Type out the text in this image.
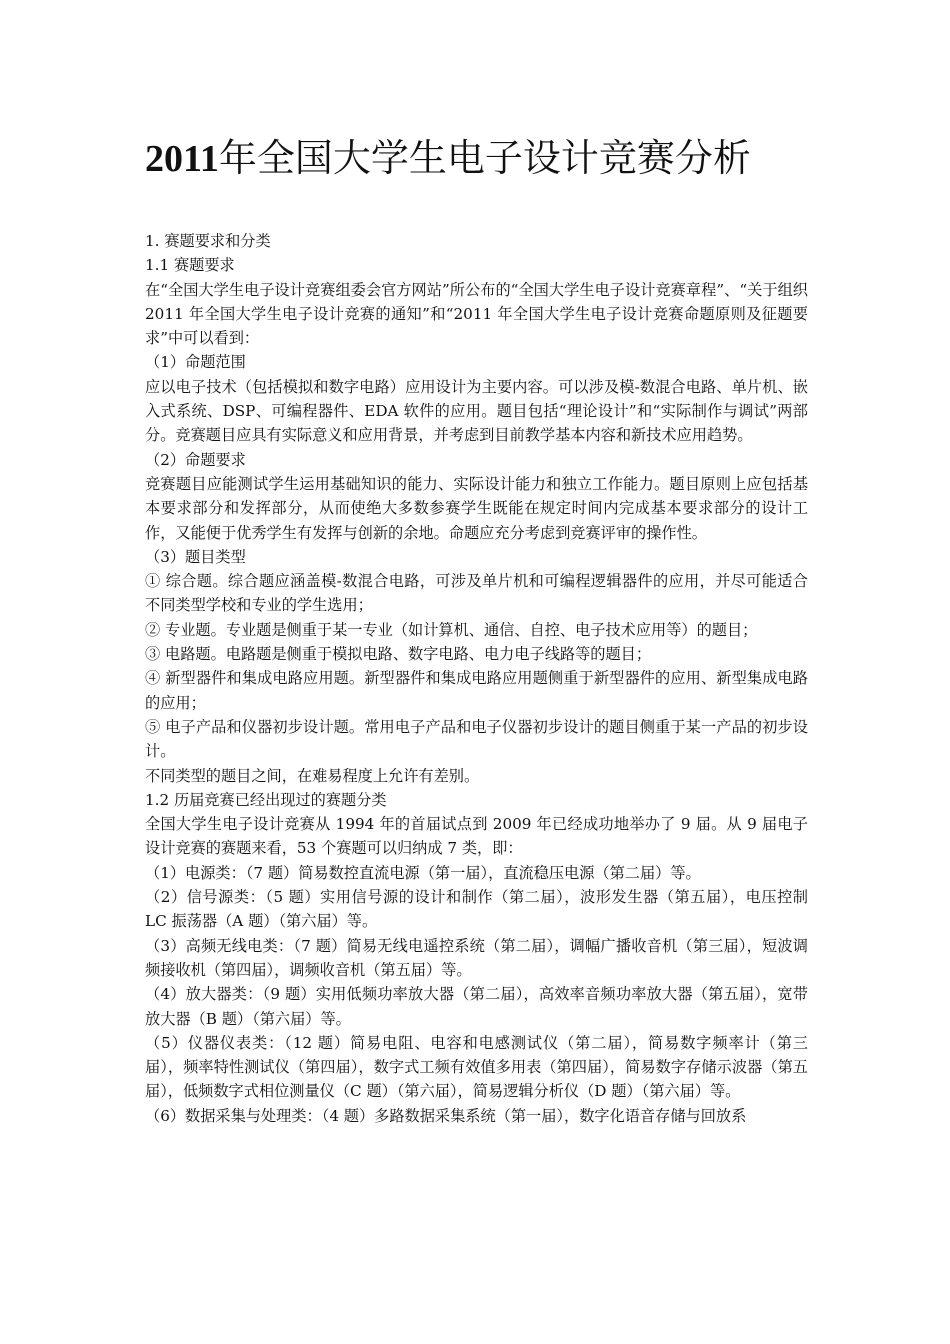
2011年全国大学生电子设计竞赛分析

1. 赛题要求和分类

1.1 赛题要求

在“全国大学生电子设计竞赛组委会官方网站”所公布的“全国大学生电子设计竞赛章程”、“关于组织 2011 年全国大学生电子设计竞赛的通知”和“2011 年全国大学生电子设计竞赛命题原则及征题要求”中可以看到：

（1）命题范围

应以电子技术（包括模拟和数字电路）应用设计为主要内容。可以涉及模-数混合电路、单片机、嵌入式系统、DSP、可编程器件、EDA 软件的应用。题目包括“理论设计”和“实际制作与调试”两部分。竞赛题目应具有实际意义和应用背景，并考虑到目前教学基本内容和新技术应用趋势。

（2）命题要求

竞赛题目应能测试学生运用基础知识的能力、实际设计能力和独立工作能力。题目原则上应包括基本要求部分和发挥部分，从而使绝大多数参赛学生既能在规定时间内完成基本要求部分的设计工作，又能便于优秀学生有发挥与创新的余地。命题应充分考虑到竞赛评审的操作性。

（3）题目类型

① 综合题。综合题应涵盖模-数混合电路，可涉及单片机和可编程逻辑器件的应用，并尽可能适合不同类型学校和专业的学生选用；

② 专业题。专业题是侧重于某一专业（如计算机、通信、自控、电子技术应用等）的题目；

③ 电路题。电路题是侧重于模拟电路、数字电路、电力电子线路等的题目；

④ 新型器件和集成电路应用题。新型器件和集成电路应用题侧重于新型器件的应用、新型集成电路的应用；

⑤ 电子产品和仪器初步设计题。常用电子产品和电子仪器初步设计的题目侧重于某一产品的初步设计。

不同类型的题目之间，在难易程度上允许有差别。

1.2 历届竞赛已经出现过的赛题分类

全国大学生电子设计竞赛从 1994 年的首届试点到 2009 年已经成功地举办了 9 届。从 9 届电子设计竞赛的赛题来看，53 个赛题可以归纳成 7 类，即：

（1）电源类：（7 题）简易数控直流电源（第一届），直流稳压电源（第二届）等。

（2）信号源类：（5 题）实用信号源的设计和制作（第二届），波形发生器（第五届），电压控制 LC 振荡器（A 题）（第六届）等。

（3）高频无线电类：（7 题）简易无线电遥控系统（第二届），调幅广播收音机（第三届），短波调频接收机（第四届），调频收音机（第五届）等。

（4）放大器类：（9 题）实用低频功率放大器（第二届），高效率音频功率放大器（第五届），宽带放大器（B 题）（第六届）等。

（5）仪器仪表类：（12 题）简易电阻、电容和电感测试仪（第二届），简易数字频率计（第三届），频率特性测试仪（第四届），数字式工频有效值多用表（第四届），简易数字存储示波器（第五届），低频数字式相位测量仪（C 题）（第六届），简易逻辑分析仪（D 题）（第六届）等。

（6）数据采集与处理类：（4 题）多路数据采集系统（第一届），数字化语音存储与回放系
